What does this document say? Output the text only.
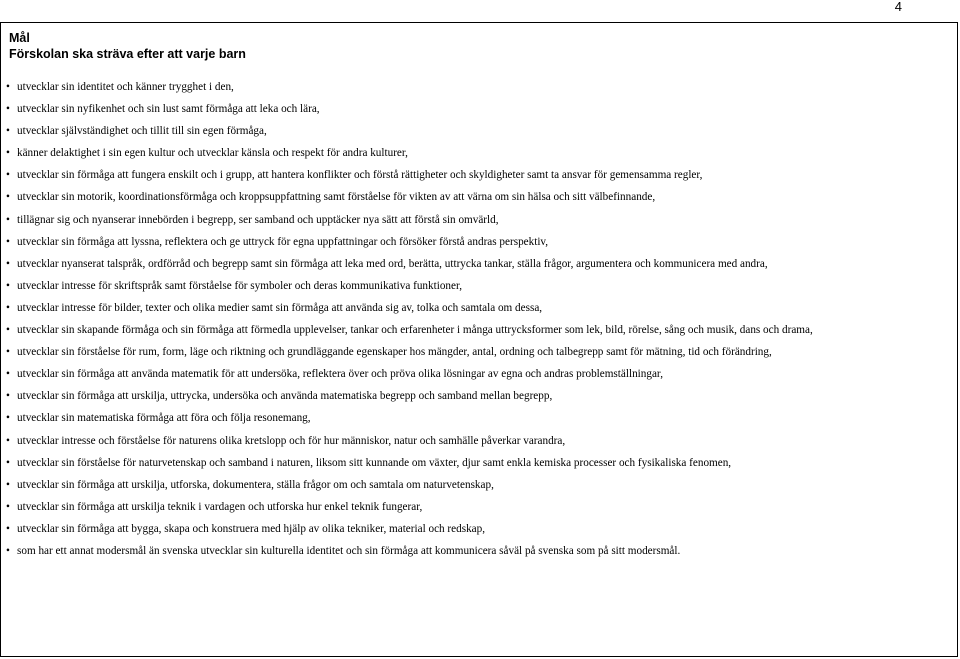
4
Mål
Förskolan ska sträva efter att varje barn
• utvecklar sin identitet och känner trygghet i den,
• utvecklar sin nyfikenhet och sin lust samt förmåga att leka och lära,
• utvecklar självständighet och tillit till sin egen förmåga,
• känner delaktighet i sin egen kultur och utvecklar känsla och respekt för andra kulturer,
• utvecklar sin förmåga att fungera enskilt och i grupp, att hantera konflikter och förstå rättigheter och skyldigheter samt ta ansvar för gemensamma regler,
• utvecklar sin motorik, koordinationsförmåga och kroppsuppfattning samt förståelse för vikten av att värna om sin hälsa och sitt välbefinnande,
• tillägnar sig och nyanserar innebörden i begrepp, ser samband och upptäcker nya sätt att förstå sin omvärld,
• utvecklar sin förmåga att lyssna, reflektera och ge uttryck för egna uppfattningar och försöker förstå andras perspektiv,
• utvecklar nyanserat talspråk, ordförråd och begrepp samt sin förmåga att leka med ord, berätta, uttrycka tankar, ställa frågor, argumentera och kommunicera med andra,
• utvecklar intresse för skriftspråk samt förståelse för symboler och deras kommunikativa funktioner,
• utvecklar intresse för bilder, texter och olika medier samt sin förmåga att använda sig av, tolka och samtala om dessa,
• utvecklar sin skapande förmåga och sin förmåga att förmedla upplevelser, tankar och erfarenheter i många uttrycksformer som lek, bild, rörelse, sång och musik, dans och drama,
• utvecklar sin förståelse för rum, form, läge och riktning och grundläggande egenskaper hos mängder, antal, ordning och talbegrepp samt för mätning, tid och förändring,
• utvecklar sin förmåga att använda matematik för att undersöka, reflektera över och pröva olika lösningar av egna och andras problemställningar,
• utvecklar sin förmåga att urskilja, uttrycka, undersöka och använda matematiska begrepp och samband mellan begrepp,
• utvecklar sin matematiska förmåga att föra och följa resonemang,
• utvecklar intresse och förståelse för naturens olika kretslopp och för hur människor, natur och samhälle påverkar varandra,
• utvecklar sin förståelse för naturvetenskap och samband i naturen, liksom sitt kunnande om växter, djur samt enkla kemiska processer och fysikaliska fenomen,
• utvecklar sin förmåga att urskilja, utforska, dokumentera, ställa frågor om och samtala om naturvetenskap,
• utvecklar sin förmåga att urskilja teknik i vardagen och utforska hur enkel teknik fungerar,
• utvecklar sin förmåga att bygga, skapa och konstruera med hjälp av olika tekniker, material och redskap,
• som har ett annat modersmål än svenska utvecklar sin kulturella identitet och sin förmåga att kommunicera såväl på svenska som på sitt modersmål.
